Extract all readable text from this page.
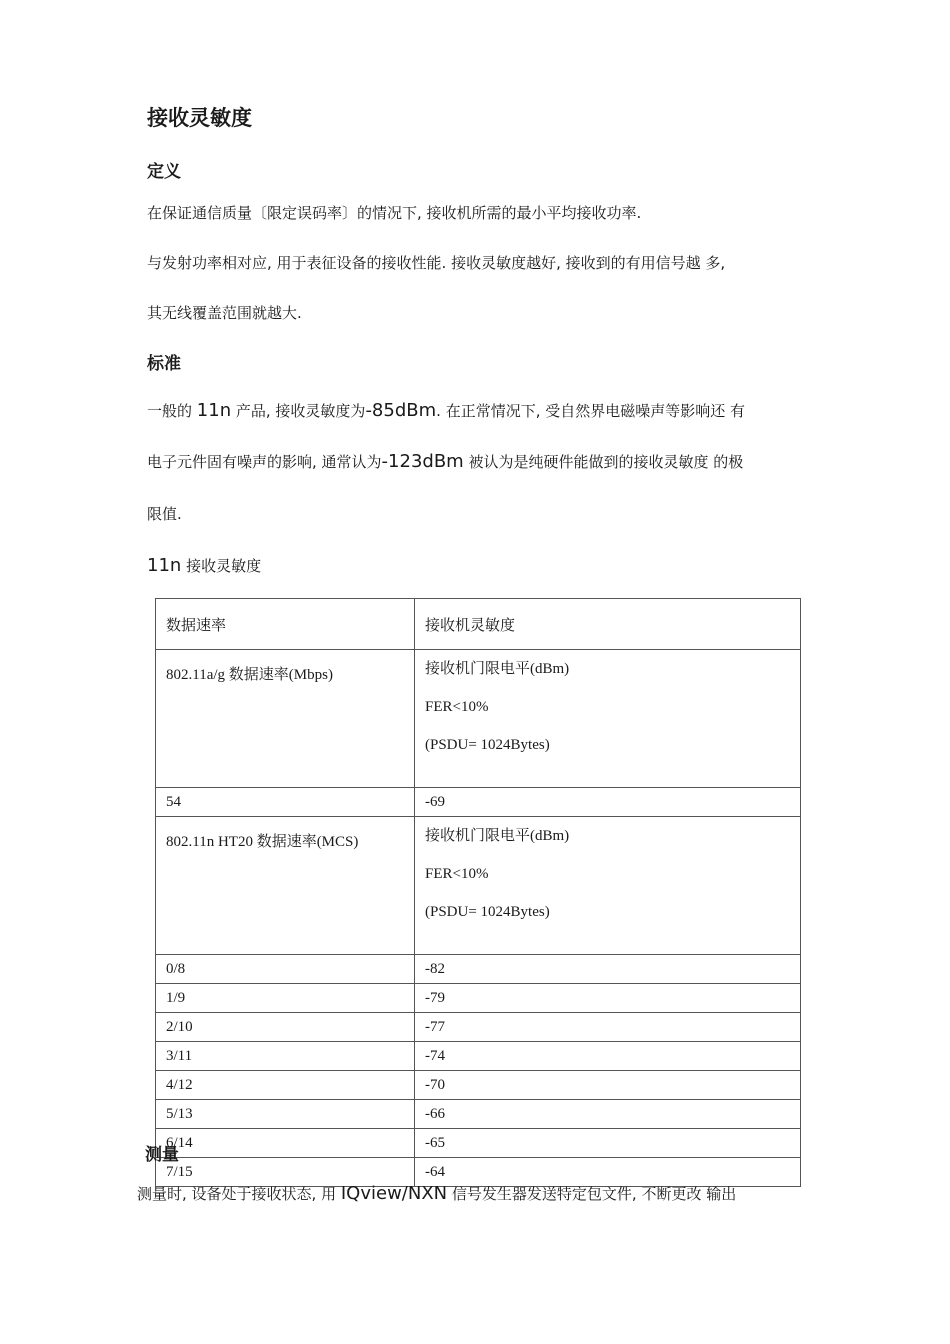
接收灵敏度
定义

在保证通信质量〔限定误码率〕的情况下, 接收机所需的最小平均接收功率.

与发射功率相对应, 用于表征设备的接收性能. 接收灵敏度越好, 接收到的有用信号越 多,

其无线覆盖范围就越大.

标准

一般的 11n 产品, 接收灵敏度为-85dBm. 在正常情况下, 受自然界电磁噪声等影响还 有

电子元件固有噪声的影响, 通常认为-123dBm 被认为是纯硬件能做到的接收灵敏度 的极

限值.

11n 接收灵敏度

数据速率	接收机灵敏度
802.11a/g 数据速率(Mbps)	接收机门限电平(dBm)
FER<10%
(PSDU= 1024Bytes)

54	-69
802.11n HT20 数据速率(MCS)	接收机门限电平(dBm)
FER<10%
(PSDU= 1024Bytes)

0/8	-82
1/9	-79
2/10	-77
3/11	-74
4/12	-70
5/13	-66
6/14	-65
7/15	-64
测量

测量时, 设备处于接收状态, 用 IQview/NXN 信号发生器发送特定包文件, 不断更改 输出
